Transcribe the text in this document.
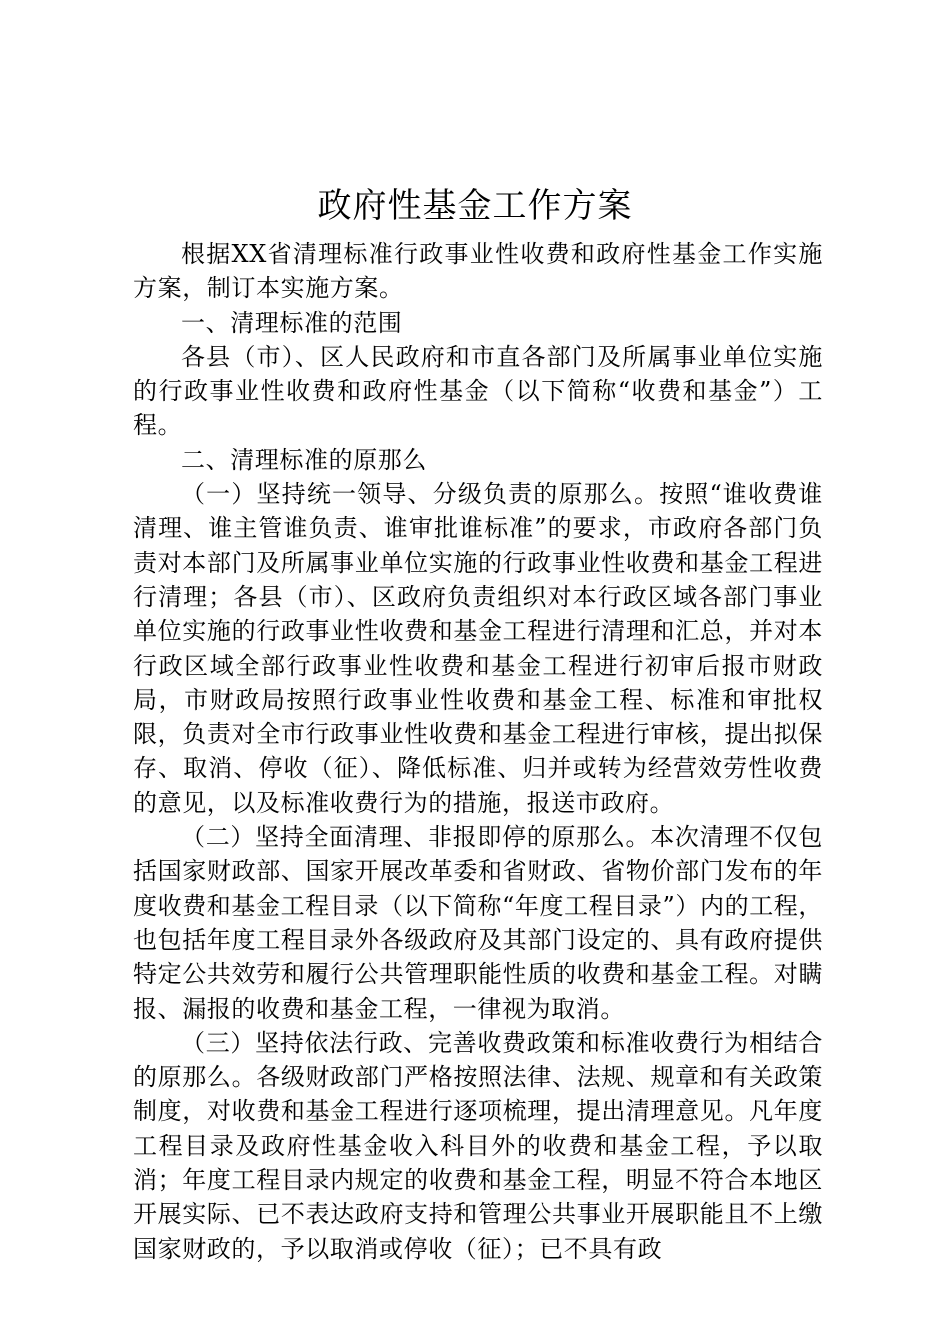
政府性基金工作方案

根据XX省清理标准行政事业性收费和政府性基金工作实施方案，制订本实施方案。

一、清理标准的范围

各县（市）、区人民政府和市直各部门及所属事业单位实施的行政事业性收费和政府性基金（以下简称“收费和基金”）工程。

二、清理标准的原那么

（一）坚持统一领导、分级负责的原那么。按照“谁收费谁清理、谁主管谁负责、谁审批谁标准”的要求，市政府各部门负责对本部门及所属事业单位实施的行政事业性收费和基金工程进行清理；各县（市）、区政府负责组织对本行政区域各部门事业单位实施的行政事业性收费和基金工程进行清理和汇总，并对本行政区域全部行政事业性收费和基金工程进行初审后报市财政局，市财政局按照行政事业性收费和基金工程、标准和审批权限，负责对全市行政事业性收费和基金工程进行审核，提出拟保存、取消、停收（征）、降低标准、归并或转为经营效劳性收费的意见，以及标准收费行为的措施，报送市政府。

（二）坚持全面清理、非报即停的原那么。本次清理不仅包括国家财政部、国家开展改革委和省财政、省物价部门发布的年度收费和基金工程目录（以下简称“年度工程目录”）内的工程，也包括年度工程目录外各级政府及其部门设定的、具有政府提供特定公共效劳和履行公共管理职能性质的收费和基金工程。对瞒报、漏报的收费和基金工程，一律视为取消。

（三）坚持依法行政、完善收费政策和标准收费行为相结合的原那么。各级财政部门严格按照法律、法规、规章和有关政策制度，对收费和基金工程进行逐项梳理，提出清理意见。凡年度工程目录及政府性基金收入科目外的收费和基金工程，予以取消；年度工程目录内规定的收费和基金工程，明显不符合本地区开展实际、已不表达政府支持和管理公共事业开展职能且不上缴国家财政的，予以取消或停收（征）；已不具有政
